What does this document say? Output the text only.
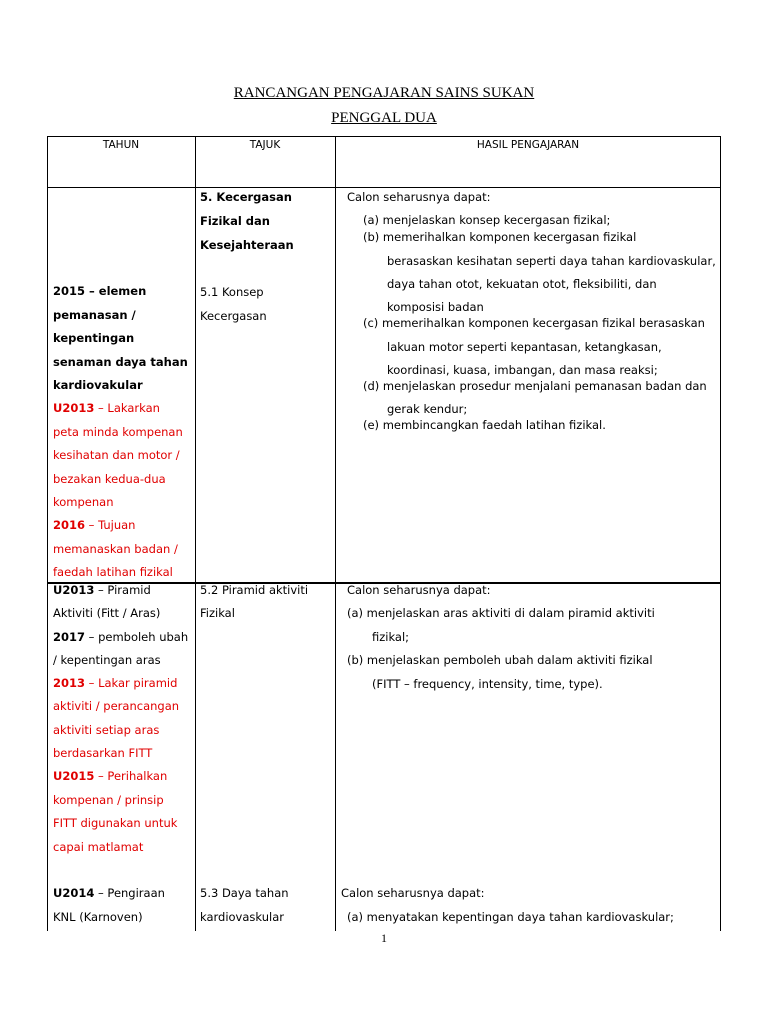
RANCANGAN PENGAJARAN SAINS SUKAN
PENGGAL DUA
TAHUN	TAJUK	HASIL PENGAJARAN
2015 – elemen
pemanasan /
kepentingan
senaman daya tahan
kardiovakular
U2013 – Lakarkan
peta minda kompenan
kesihatan dan motor /
bezakan kedua-dua
kompenan
2016 – Tujuan
memanaskan badan /
faedah latihan fizikal
5. Kecergasan
Fizikal dan
Kesejahteraan
5.1 Konsep
Kecergasan
Calon seharusnya dapat:
(a) menjelaskan konsep kecergasan fizikal;
(b) memerihalkan komponen kecergasan fizikal
berasaskan kesihatan seperti daya tahan kardiovaskular,
daya tahan otot, kekuatan otot, fleksibiliti, dan
komposisi badan
(c) memerihalkan komponen kecergasan fizikal berasaskan
lakuan motor seperti kepantasan, ketangkasan,
koordinasi, kuasa, imbangan, dan masa reaksi;
(d) menjelaskan prosedur menjalani pemanasan badan dan
gerak kendur;
(e) membincangkan faedah latihan fizikal.
U2013 – Piramid
Aktiviti (Fitt / Aras)
2017 – pemboleh ubah
/ kepentingan aras
2013 – Lakar piramid
aktiviti / perancangan
aktiviti setiap aras
berdasarkan FITT
U2015 – Perihalkan
kompenan / prinsip
FITT digunakan untuk
capai matlamat
U2014 – Pengiraan
KNL (Karnoven)
5.2 Piramid aktiviti
Fizikal
5.3 Daya tahan
kardiovaskular
Calon seharusnya dapat:
(a) menjelaskan aras aktiviti di dalam piramid aktiviti
fizikal;
(b) menjelaskan pemboleh ubah dalam aktiviti fizikal
(FITT – frequency, intensity, time, type).
Calon seharusnya dapat:
(a) menyatakan kepentingan daya tahan kardiovaskular;
1
